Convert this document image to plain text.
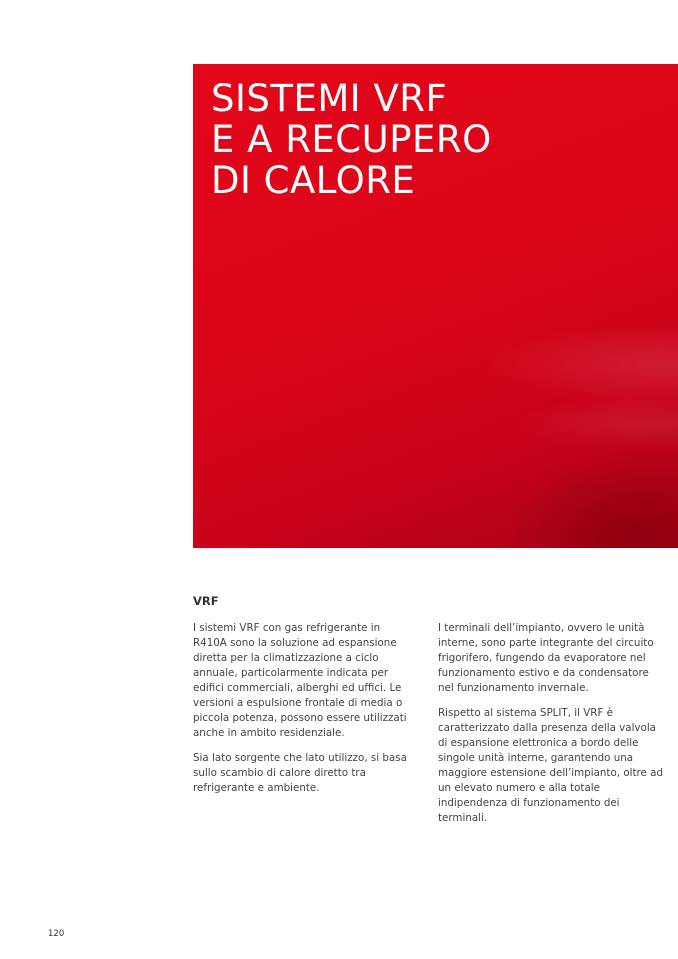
SISTEMI VRF
E A RECUPERO
DI CALORE
VRF

I sistemi VRF con gas refrigerante in R410A sono la soluzione ad espansione diretta per la climatizzazione a ciclo annuale, particolarmente indicata per edifici commerciali, alberghi ed uffici. Le versioni a espulsione frontale di media o piccola potenza, possono essere utilizzati anche in ambito residenziale.

Sia lato sorgente che lato utilizzo, si basa sullo scambio di calore diretto tra refrigerante e ambiente.

I terminali dell’impianto, ovvero le unità interne, sono parte integrante del circuito frigorifero, fungendo da evaporatore nel funzionamento estivo e da condensatore nel funzionamento invernale.

Rispetto al sistema SPLIT, il VRF è caratterizzato dalla presenza della valvola di espansione elettronica a bordo delle singole unità interne, garantendo una maggiore estensione dell’impianto, oltre ad un elevato numero e alla totale indipendenza di funzionamento dei terminali.

120
